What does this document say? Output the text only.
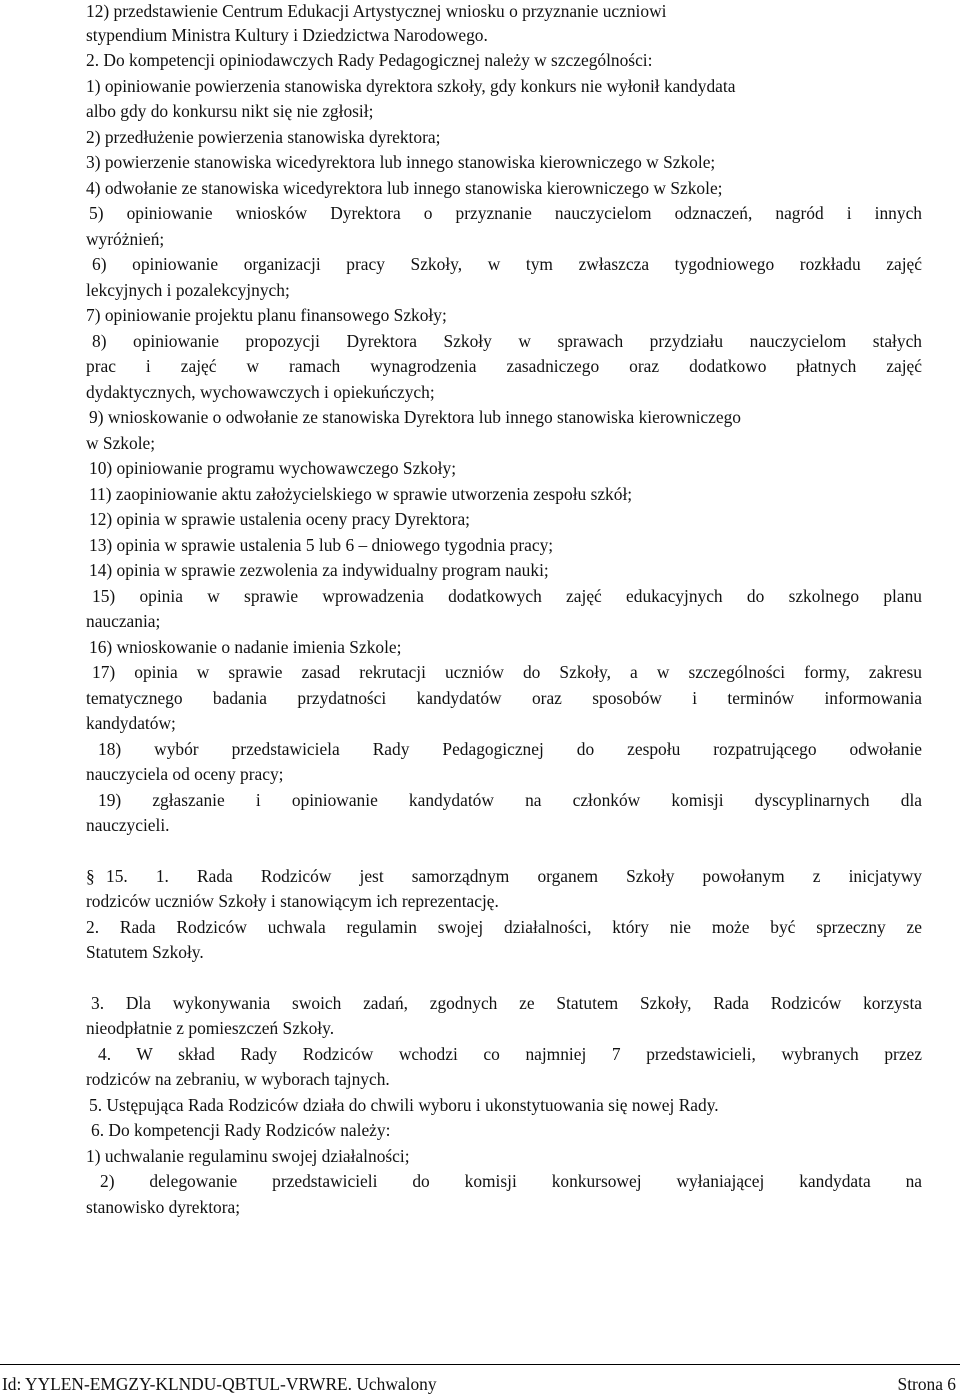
12) przedstawienie Centrum Edukacji Artystycznej wniosku o przyznanie uczniowi
stypendium Ministra Kultury i Dziedzictwa Narodowego.
2. Do kompetencji opiniodawczych Rady Pedagogicznej należy w szczególności:
1) opiniowanie powierzenia stanowiska dyrektora szkoły, gdy konkurs nie wyłonił kandydata
albo gdy do konkursu nikt się nie zgłosił;
2) przedłużenie powierzenia stanowiska dyrektora;
3) powierzenie stanowiska wicedyrektora lub innego stanowiska kierowniczego w Szkole;
4) odwołanie ze stanowiska wicedyrektora lub innego stanowiska kierowniczego w Szkole;
5) opiniowanie wniosków Dyrektora o przyznanie nauczycielom odznaczeń, nagród i innych
wyróżnień;
6) opiniowanie organizacji pracy Szkoły, w tym zwłaszcza tygodniowego rozkładu zajęć
lekcyjnych i pozalekcyjnych;
7) opiniowanie projektu planu finansowego Szkoły;
8) opiniowanie propozycji Dyrektora Szkoły w sprawach przydziału nauczycielom stałych
prac i zajęć w ramach wynagrodzenia zasadniczego oraz dodatkowo płatnych zajęć
dydaktycznych, wychowawczych i opiekuńczych;
9) wnioskowanie o odwołanie ze stanowiska Dyrektora lub innego stanowiska kierowniczego
w Szkole;
10) opiniowanie programu wychowawczego Szkoły;
11) zaopiniowanie aktu założycielskiego w sprawie utworzenia zespołu szkół;
12) opinia w sprawie ustalenia oceny pracy Dyrektora;
13) opinia w sprawie ustalenia 5 lub 6 – dniowego tygodnia pracy;
14) opinia w sprawie zezwolenia za indywidualny program nauki;
15) opinia w sprawie wprowadzenia dodatkowych zajęć edukacyjnych do szkolnego planu
nauczania;
16) wnioskowanie o nadanie imienia Szkole;
17) opinia w sprawie zasad rekrutacji uczniów do Szkoły, a w szczególności formy, zakresu
tematycznego badania przydatności kandydatów oraz sposobów i terminów informowania
kandydatów;
18) wybór przedstawiciela Rady Pedagogicznej do zespołu rozpatrującego odwołanie
nauczyciela od oceny pracy;
19) zgłaszanie i opiniowanie kandydatów na członków komisji dyscyplinarnych dla
nauczycieli.
§ 15. 1. Rada Rodziców jest samorządnym organem Szkoły powołanym z inicjatywy
rodziców uczniów Szkoły i stanowiącym ich reprezentację.
2. Rada Rodziców uchwala regulamin swojej działalności, który nie może być sprzeczny ze
Statutem Szkoły.
3. Dla wykonywania swoich zadań, zgodnych ze Statutem Szkoły, Rada Rodziców korzysta
nieodpłatnie z pomieszczeń Szkoły.
4. W skład Rady Rodziców wchodzi co najmniej 7 przedstawicieli, wybranych przez
rodziców na zebraniu, w wyborach tajnych.
5. Ustępująca Rada Rodziców działa do chwili wyboru i ukonstytuowania się nowej Rady.
6. Do kompetencji Rady Rodziców należy:
1) uchwalanie regulaminu swojej działalności;
2) delegowanie przedstawicieli do komisji konkursowej wyłaniającej kandydata na
stanowisko dyrektora;
Id: YYLEN-EMGZY-KLNDU-QBTUL-VRWRE. Uchwalony	Strona 6
